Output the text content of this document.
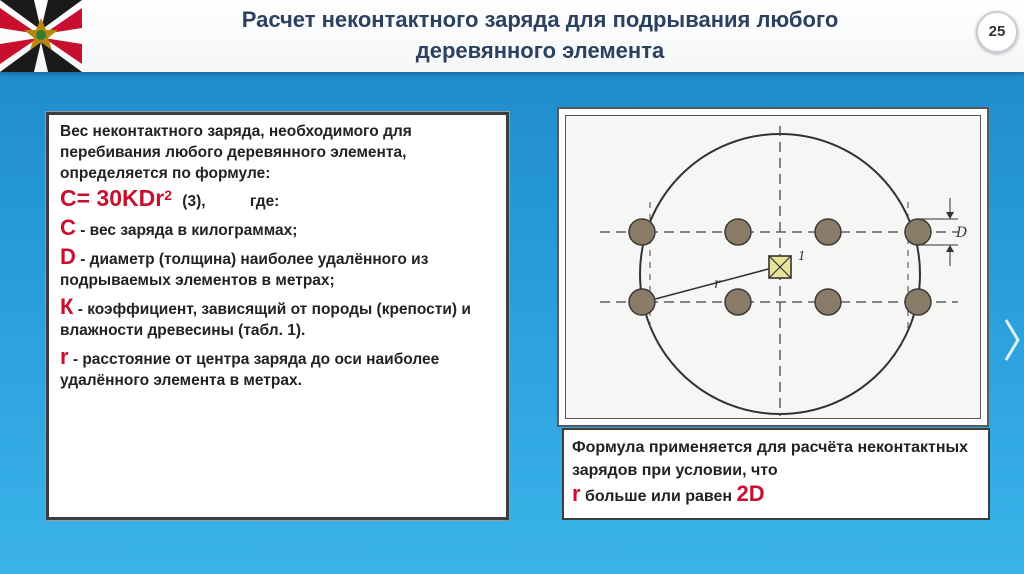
Расчет неконтактного заряда для подрывания любого
деревянного элемента
25
Вес неконтактного заряда, необходимого для перебивания любого деревянного элемента, определяется по формуле:
C= 30KDr$^2$ (3),	где:
C - вес заряда в килограммах;
D - диаметр (толщина) наиболее удалённого из подрываемых элементов в метрах;
К - коэффициент, зависящий от породы (крепости) и влажности древесины (табл. 1).
r - расстояние от центра заряда до оси наиболее удалённого элемента в метрах.
r
1
D
Формула применяется для расчёта неконтактных зарядов при условии, что
r больше или равен 2D
